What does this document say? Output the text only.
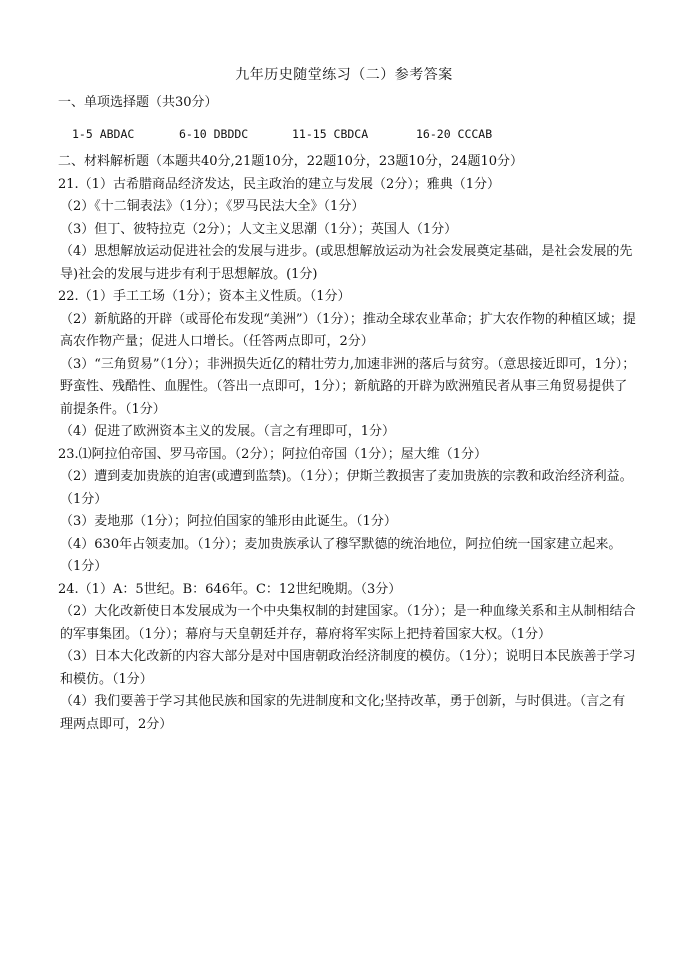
九年历史随堂练习（二）参考答案

一、单项选择题（共30分）

1-5 ABDAC	6-10 DBDDC	11-15 CBDCA	16-20 CCCAB

二、材料解析题（本题共40分,21题10分，22题10分，23题10分，24题10分）

21.（1）古希腊商品经济发达，民主政治的建立与发展（2分）；雅典（1分）

（2）《十二铜表法》（1分）；《罗马民法大全》（1分）

（3）但丁、彼特拉克（2分）；人文主义思潮（1分）；英国人（1分）

（4）思想解放运动促进社会的发展与进步。(或思想解放运动为社会发展奠定基础，是社会发展的先导)社会的发展与进步有利于思想解放。(1分)

22.（1）手工工场（1分）；资本主义性质。（1分）

（2）新航路的开辟（或哥伦布发现“美洲”）（1分）；推动全球农业革命；扩大农作物的种植区域；提高农作物产量；促进人口增长。（任答两点即可，2分）

（3）“三角贸易”（1分）；非洲损失近亿的精壮劳力,加速非洲的落后与贫穷。（意思接近即可，1分）；野蛮性、残酷性、血腥性。（答出一点即可，1分）；新航路的开辟为欧洲殖民者从事三角贸易提供了前提条件。（1分）

（4）促进了欧洲资本主义的发展。（言之有理即可，1分）

23.⑴阿拉伯帝国、罗马帝国。（2分）；阿拉伯帝国（1分）；屋大维（1分）

（2）遭到麦加贵族的迫害(或遭到监禁)。（1分）；伊斯兰教损害了麦加贵族的宗教和政治经济利益。（1分）

（3）麦地那（1分）；阿拉伯国家的雏形由此诞生。（1分）

（4）630年占领麦加。（1分）；麦加贵族承认了穆罕默德的统治地位，阿拉伯统一国家建立起来。（1分）

24.（1）A：5世纪。B：646年。C：12世纪晚期。（3分）

（2）大化改新使日本发展成为一个中央集权制的封建国家。（1分）；是一种血缘关系和主从制相结合的军事集团。（1分）；幕府与天皇朝廷并存，幕府将军实际上把持着国家大权。（1分）

（3）日本大化改新的内容大部分是对中国唐朝政治经济制度的模仿。（1分）；说明日本民族善于学习和模仿。（1分）

（4）我们要善于学习其他民族和国家的先进制度和文化;坚持改革，勇于创新，与时俱进。（言之有理两点即可，2分）
